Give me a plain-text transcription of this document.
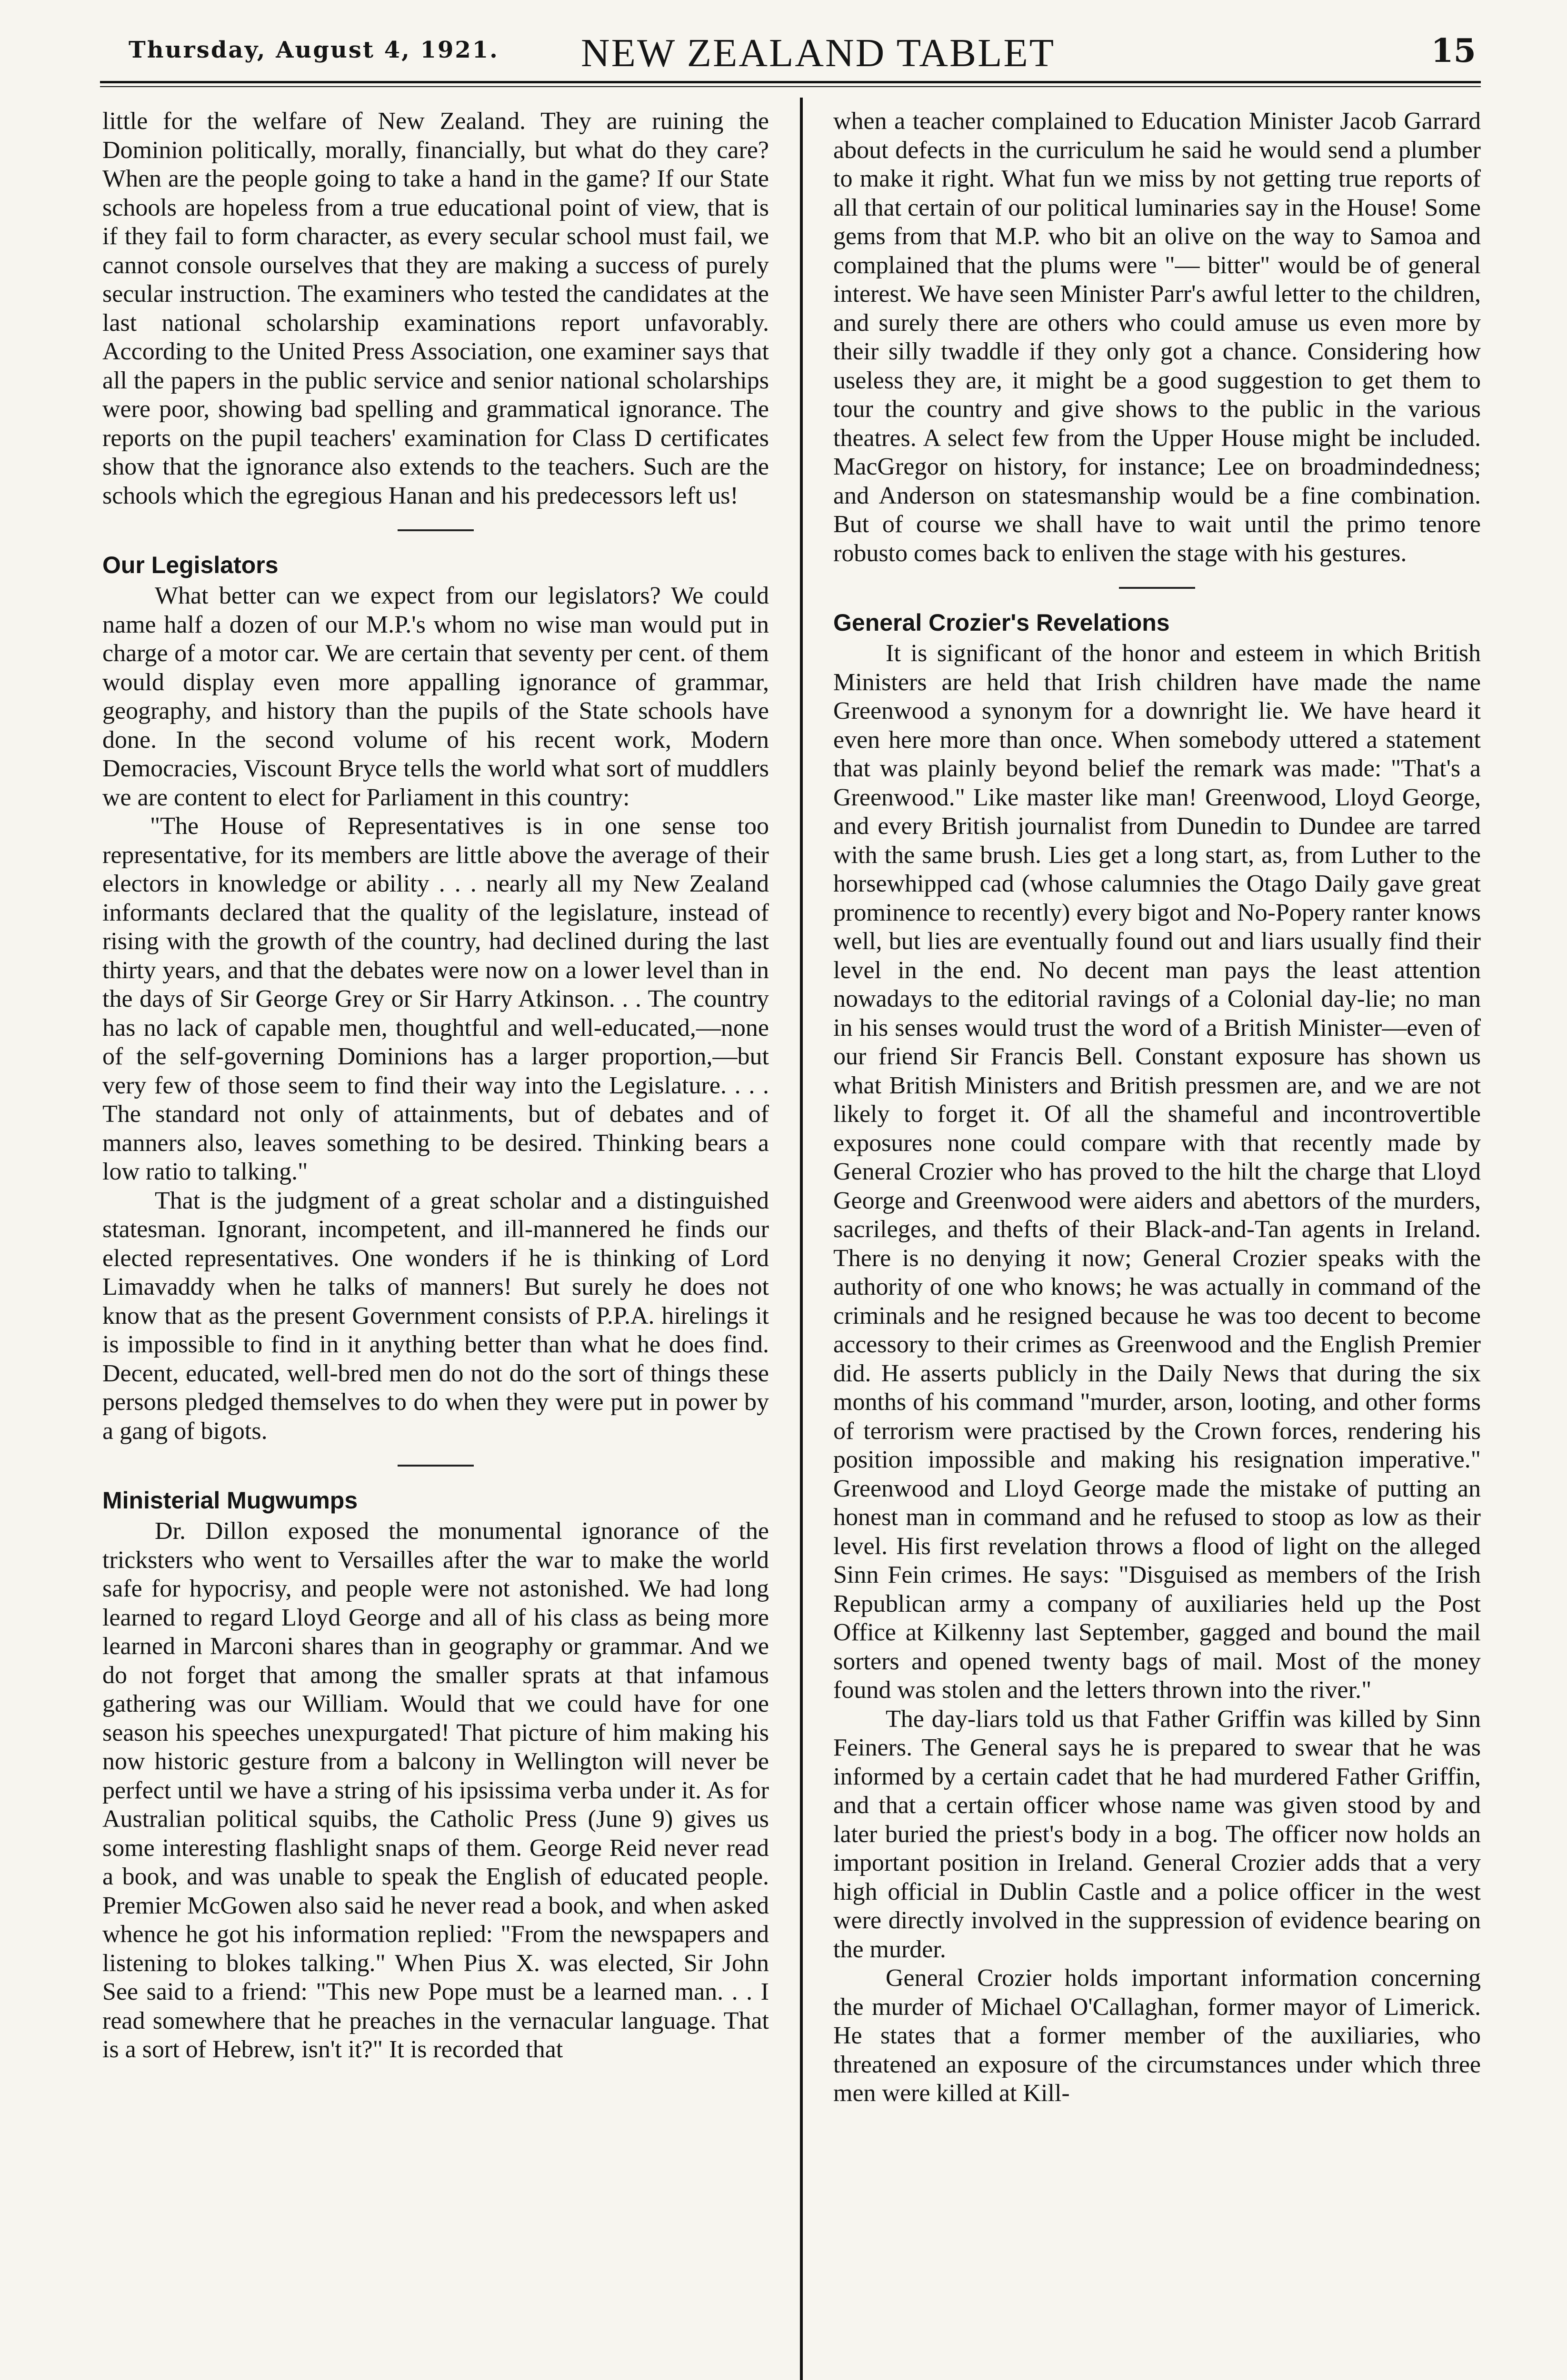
Thursday, August 4, 1921. NEW ZEALAND TABLET	15

little for the welfare of New Zealand. They are ruining the Dominion politically, morally, financially, but what do they care? When are the people going to take a hand in the game? If our State schools are hopeless from a true educational point of view, that is if they fail to form character, as every secular school must fail, we cannot console ourselves that they are making a success of purely secular instruction. The examiners who tested the candidates at the last national scholarship examinations report unfavorably. According to the United Press Association, one examiner says that all the papers in the public service and senior national scholarships were poor, showing bad spelling and grammatical ignorance. The reports on the pupil teachers' examination for Class D certificates show that the ignorance also extends to the teachers. Such are the schools which the egregious Hanan and his predecessors left us!

Our Legislators

What better can we expect from our legislators? We could name half a dozen of our M.P.'s whom no wise man would put in charge of a motor car. We are certain that seventy per cent. of them would display even more appalling ignorance of grammar, geography, and history than the pupils of the State schools have done. In the second volume of his recent work, Modern Democracies, Viscount Bryce tells the world what sort of muddlers we are content to elect for Parliament in this country:

"The House of Representatives is in one sense too representative, for its members are little above the average of their electors in knowledge or ability . . . nearly all my New Zealand informants declared that the quality of the legislature, instead of rising with the growth of the country, had declined during the last thirty years, and that the debates were now on a lower level than in the days of Sir George Grey or Sir Harry Atkinson. . . The country has no lack of capable men, thoughtful and well-educated,—none of the self-governing Dominions has a larger proportion,—but very few of those seem to find their way into the Legislature. . . . The standard not only of attainments, but of debates and of manners also, leaves something to be desired. Thinking bears a low ratio to talking."

That is the judgment of a great scholar and a distinguished statesman. Ignorant, incompetent, and ill-mannered he finds our elected representatives. One wonders if he is thinking of Lord Limavaddy when he talks of manners! But surely he does not know that as the present Government consists of P.P.A. hirelings it is impossible to find in it anything better than what he does find. Decent, educated, well-bred men do not do the sort of things these persons pledged themselves to do when they were put in power by a gang of bigots.

Ministerial Mugwumps

Dr. Dillon exposed the monumental ignorance of the tricksters who went to Versailles after the war to make the world safe for hypocrisy, and people were not astonished. We had long learned to regard Lloyd George and all of his class as being more learned in Marconi shares than in geography or grammar. And we do not forget that among the smaller sprats at that infamous gathering was our William. Would that we could have for one season his speeches unexpurgated! That picture of him making his now historic gesture from a balcony in Wellington will never be perfect until we have a string of his ipsissima verba under it. As for Australian political squibs, the Catholic Press (June 9) gives us some interesting flashlight snaps of them. George Reid never read a book, and was unable to speak the English of educated people. Premier McGowen also said he never read a book, and when asked whence he got his information replied: "From the newspapers and listening to blokes talking." When Pius X. was elected, Sir John See said to a friend: "This new Pope must be a learned man. . . I read somewhere that he preaches in the vernacular language. That is a sort of Hebrew, isn't it?" It is recorded that

when a teacher complained to Education Minister Jacob Garrard about defects in the curriculum he said he would send a plumber to make it right. What fun we miss by not getting true reports of all that certain of our political luminaries say in the House! Some gems from that M.P. who bit an olive on the way to Samoa and complained that the plums were "— bitter" would be of general interest. We have seen Minister Parr's awful letter to the children, and surely there are others who could amuse us even more by their silly twaddle if they only got a chance. Considering how useless they are, it might be a good suggestion to get them to tour the country and give shows to the public in the various theatres. A select few from the Upper House might be included. MacGregor on history, for instance; Lee on broadmindedness; and Anderson on statesmanship would be a fine combination. But of course we shall have to wait until the primo tenore robusto comes back to enliven the stage with his gestures.

General Crozier's Revelations

It is significant of the honor and esteem in which British Ministers are held that Irish children have made the name Greenwood a synonym for a downright lie. We have heard it even here more than once. When somebody uttered a statement that was plainly beyond belief the remark was made: "That's a Greenwood." Like master like man! Greenwood, Lloyd George, and every British journalist from Dunedin to Dundee are tarred with the same brush. Lies get a long start, as, from Luther to the horsewhipped cad (whose calumnies the Otago Daily gave great prominence to recently) every bigot and No-Popery ranter knows well, but lies are eventually found out and liars usually find their level in the end. No decent man pays the least attention nowadays to the editorial ravings of a Colonial day-lie; no man in his senses would trust the word of a British Minister—even of our friend Sir Francis Bell. Constant exposure has shown us what British Ministers and British pressmen are, and we are not likely to forget it. Of all the shameful and incontrovertible exposures none could compare with that recently made by General Crozier who has proved to the hilt the charge that Lloyd George and Greenwood were aiders and abettors of the murders, sacrileges, and thefts of their Black-and-Tan agents in Ireland. There is no denying it now; General Crozier speaks with the authority of one who knows; he was actually in command of the criminals and he resigned because he was too decent to become accessory to their crimes as Greenwood and the English Premier did. He asserts publicly in the Daily News that during the six months of his command "murder, arson, looting, and other forms of terrorism were practised by the Crown forces, rendering his position impossible and making his resignation imperative." Greenwood and Lloyd George made the mistake of putting an honest man in command and he refused to stoop as low as their level. His first revelation throws a flood of light on the alleged Sinn Fein crimes. He says: "Disguised as members of the Irish Republican army a company of auxiliaries held up the Post Office at Kilkenny last September, gagged and bound the mail sorters and opened twenty bags of mail. Most of the money found was stolen and the letters thrown into the river."

The day-liars told us that Father Griffin was killed by Sinn Feiners. The General says he is prepared to swear that he was informed by a certain cadet that he had murdered Father Griffin, and that a certain officer whose name was given stood by and later buried the priest's body in a bog. The officer now holds an important position in Ireland. General Crozier adds that a very high official in Dublin Castle and a police officer in the west were directly involved in the suppression of evidence bearing on the murder.

General Crozier holds important information concerning the murder of Michael O'Callaghan, former mayor of Limerick. He states that a former member of the auxiliaries, who threatened an exposure of the circumstances under which three men were killed at Kill-
